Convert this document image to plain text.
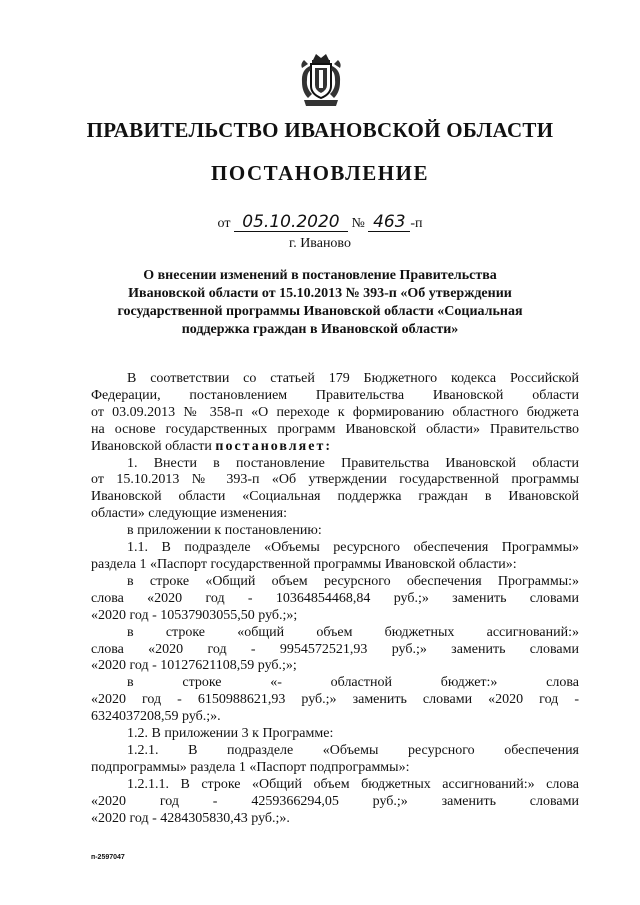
ПРАВИТЕЛЬСТВО ИВАНОВСКОЙ ОБЛАСТИ
ПОСТАНОВЛЕНИЕ
от 05.10.2020 № 463 -п
г. Иваново
О внесении изменений в постановление Правительства
Ивановской области от 15.10.2013 № 393-п «Об утверждении
государственной программы Ивановской области «Социальная
поддержка граждан в Ивановской области»
В соответствии со статьей 179 Бюджетного кодекса Российской
Федерации, постановлением Правительства Ивановской области
от 03.09.2013 № 358-п «О переходе к формированию областного бюджета
на основе государственных программ Ивановской области» Правительство
Ивановской области постановляет:
1. Внести в постановление Правительства Ивановской области
от 15.10.2013 № 393-п «Об утверждении государственной программы
Ивановской области «Социальная поддержка граждан в Ивановской
области» следующие изменения:
в приложении к постановлению:
1.1. В подразделе «Объемы ресурсного обеспечения Программы»
раздела 1 «Паспорт государственной программы Ивановской области»:
в строке «Общий объем ресурсного обеспечения Программы:»
слова «2020 год - 10364854468,84 руб.;» заменить словами
«2020 год - 10537903055,50 руб.;»;
в строке «общий объем бюджетных ассигнований:»
слова «2020 год - 9954572521,93 руб.;» заменить словами
«2020 год - 10127621108,59 руб.;»;
в строке «- областной бюджет:» слова
«2020 год - 6150988621,93 руб.;» заменить словами «2020 год -
6324037208,59 руб.;».
1.2. В приложении 3 к Программе:
1.2.1. В подразделе «Объемы ресурсного обеспечения
подпрограммы» раздела 1 «Паспорт подпрограммы»:
1.2.1.1. В строке «Общий объем бюджетных ассигнований:» слова
«2020 год - 4259366294,05 руб.;» заменить словами
«2020 год - 4284305830,43 руб.;».
п-2597047
